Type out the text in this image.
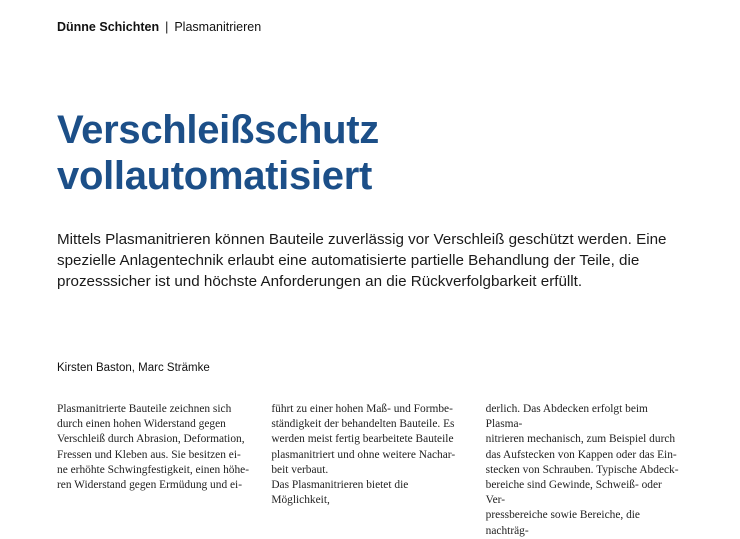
Dünne Schichten | Plasmanitrieren
Verschleißschutz
vollautomatisiert

Mittels Plasmanitrieren können Bauteile zuverlässig vor Verschleiß geschützt werden. Eine spezielle Anlagentechnik erlaubt eine automatisierte partielle Behandlung der Teile, die prozesssicher ist und höchste Anforderungen an die Rückverfolgbarkeit erfüllt.

Kirsten Baston, Marc Strämke

Plasmanitrierte Bauteile zeichnen sich

durch einen hohen Widerstand gegen

Verschleiß durch Abrasion, Deformation,

Fressen und Kleben aus. Sie besitzen ei-

ne erhöhte Schwingfestigkeit, einen höhe-

ren Widerstand gegen Ermüdung und ei-

führt zu einer hohen Maß- und Formbe-

ständigkeit der behandelten Bauteile. Es

werden meist fertig bearbeitete Bauteile

plasmanitriert und ohne weitere Nachar-

beit verbaut.

Das Plasmanitrieren bietet die Möglichkeit,

derlich. Das Abdecken erfolgt beim Plasma-

nitrieren mechanisch, zum Beispiel durch

das Aufstecken von Kappen oder das Ein-

stecken von Schrauben. Typische Abdeck-

bereiche sind Gewinde, Schweiß- oder Ver-

pressbereiche sowie Bereiche, die nachträg-
